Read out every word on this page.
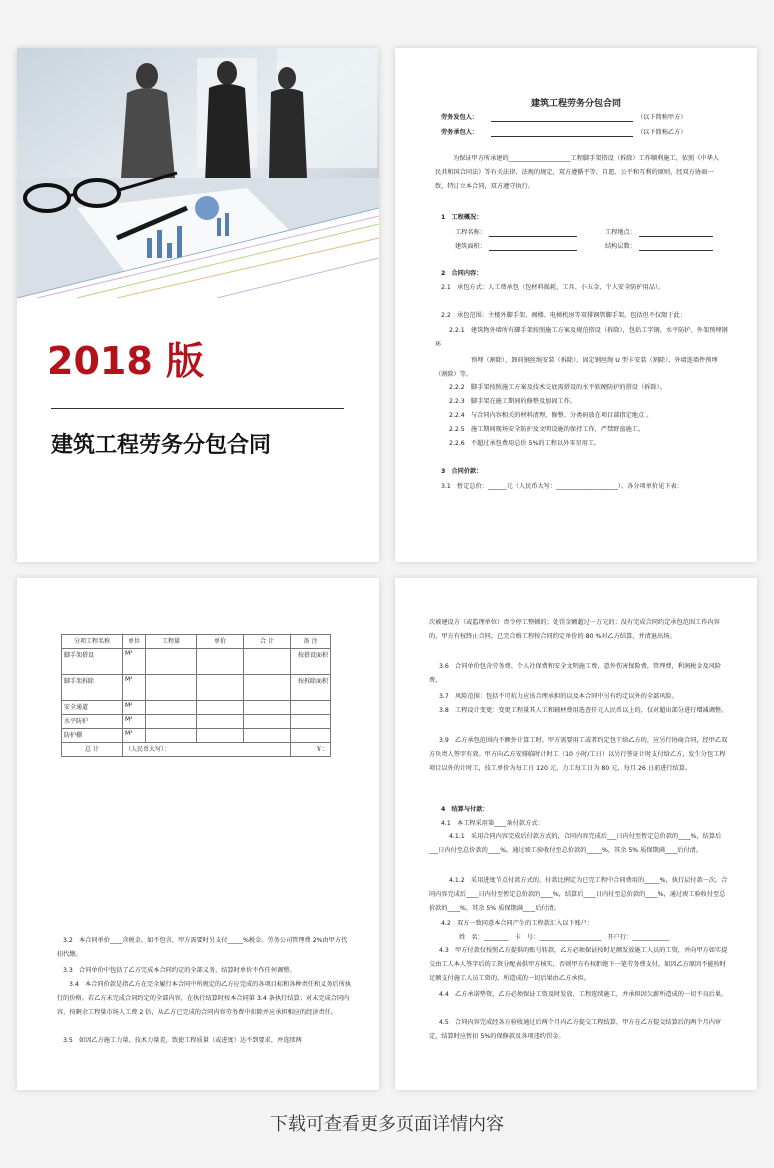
2018 版
建筑工程劳务分包合同
建筑工程劳务分包合同
劳务发包人：	（以下简称甲方）
劳务承包人：	（以下简称乙方）
为保证甲方所承建的____________________工程脚手架搭设（拆除）工作顺利施工，依照《中华人民共和国合同法》等有关法律，法规的规定，双方遵循平等，自愿、公平和互利的原则，经双方协商一致，特订立本合同，双方遵守执行。
1　工程概况：
工程名称：	工程地点：
建筑面积：	结构层数：
2　合同内容：
2.1　承包方式：人工费承包（包材料损耗、工具、小五金、个人安全防护用品）。
2.2　承包范围：主楼外脚手架、阁楼、电梯机房等双排钢管脚手架。包括但不仅限于此：
2.2.1　建筑物外墙所有脚手架按照施工方案及规范搭设（拆除），包括工字钢、水平防护、外架预埋钢环
预埋（割除）、卸荷钢丝绳安装（拆除）、固定钢丝绳 U 型卡安装（割除）、外墙连墙件预埋（割除）等。
2.2.2　脚手架按照施工方案及技术交底需搭设的水平软硬防护的搭设（拆除）。
2.2.3　脚手架在施工期间的修整及加固工作。
2.2.4　与合同内容相关的材料清理、修整、分类码放在项目部指定地点 。
2.2.5　施工期间现场安全防护及文明设施的保持工作，严禁野蛮施工。
2.2.6　不超过承包费用总价 5%的工程以外零星用工。
3　合同价款：
3.1　暂定总价：______元（人民币大写：____________________）、各分项单价见下表：
分项工程名称	单位	工程量	单价	合 计	备 注
脚手架搭设	M²				按搭设面积
脚手架拆除	M²				按拆除面积
安全通道	M²				
水平防护	M²				
防护棚	M²				
总 计	（人民币大写）：				￥：
3.2　本合同单价____含税金。如不包含，甲方需要时另支付_____%税金。劳务公司管理费 2%由甲方代扣代缴。
3.3　合同单价中包括了乙方完成本合同约定的全部义务，结算时单价不作任何调整。
3.4　本合同价款是指乙方在完全履行本合同中所规定的乙方应完成的各项目标和各种责任和义务后所执行的价格。若乙方未完成合同约定的全部内容，在执行结算时按本合同第 3.4 条执行结算；对未完成合同内容，按剩余工程量市场人工费 2 倍，从乙方已完成的合同内容劳务费中扣除并应承担相应的经济责任。
3.5　如因乙方施工力量、技术力量差，致使工程质量（或进度）达不到要求，并连续两
次被建设方（或监理单位）责令停工整顿的；处罚金额超过一万元的；没有完成合同约定承包范围工作内容的，甲方有权终止合同，已完合格工程按合同约定单价的 80 %对乙方结算，并清退出场。
3.6　合同单价包含劳务费、个人社保费和安全文明施工费，意外伤害保险费，管理费，利润税金及风险费。
3.7　风险范围：包括不可抗力应该合理承担的以及本合同中另有约定以外的全部风险。
3.8　工程设计变更：变更工程量其人工和辅材费用选查仟元人民币以上的，仅对超出部分进行增减调整。
3.9　乙方承包范围内不额外计算工时。甲方需要用工或者约定包干给乙方的，应另行协商合同，经甲乙双方负责人签字有效。甲方向乙方安排临时计时工（10 小时/工日）以另行签证计时支付给乙方，发生分包工程项目以外的计时工，技工单价为每工日 120 元，力工每工日为 80 元，每月 26 日前进行结算。
4　结算与付款：
4.1　本工程采用第____条付款方式：
4.1.1　采用合同内容完成后付款方式的，合同内容完成后___日内付至暂定总价款的____%，结算后___日内付至总价款的____%，通过竣工验收付至总价款的_____%，其余 5% 质保期满____后付清。
4.1.2　采用进度节点付款方式的，付款比例定为已完工程中合同费用的_____%，执行层付款一次。合同内容完成后____日内付至暂定总价款的____%，结算后____日内付至总价款的____%，通过竣工验收付至总价款的____%，其余 5% 质保期满____后付清。
4.2　双方一致同意本合同产生的工程款汇入以下账户：
姓　名：________　卡　号：____________________　开户行：____________
4.3　甲方付款仅按照乙方提供的账号转款，乙方必须保证按时足额发放施工人员的工资，并向甲方如实提交由工人本人签字后的工资分配表供甲方核实，否则甲方有权拒绝下一笔劳务费支付。如因乙方原因不能按时足额支付施工人员工资的，所造成的一切后果由乙方承担。
4.4　乙方承诺垫资，乙方必须保证工资及时发放、工程连续施工，并承担因欠薪所造成的一切不良后果。
4.5　合同内容完成经各方验收通过后两个月内乙方提交工程结算，甲方在乙方提交结算后的两个月内审定，结算时应暂扣 5%的保修款及各项违约罚金。
下载可查看更多页面详情内容
